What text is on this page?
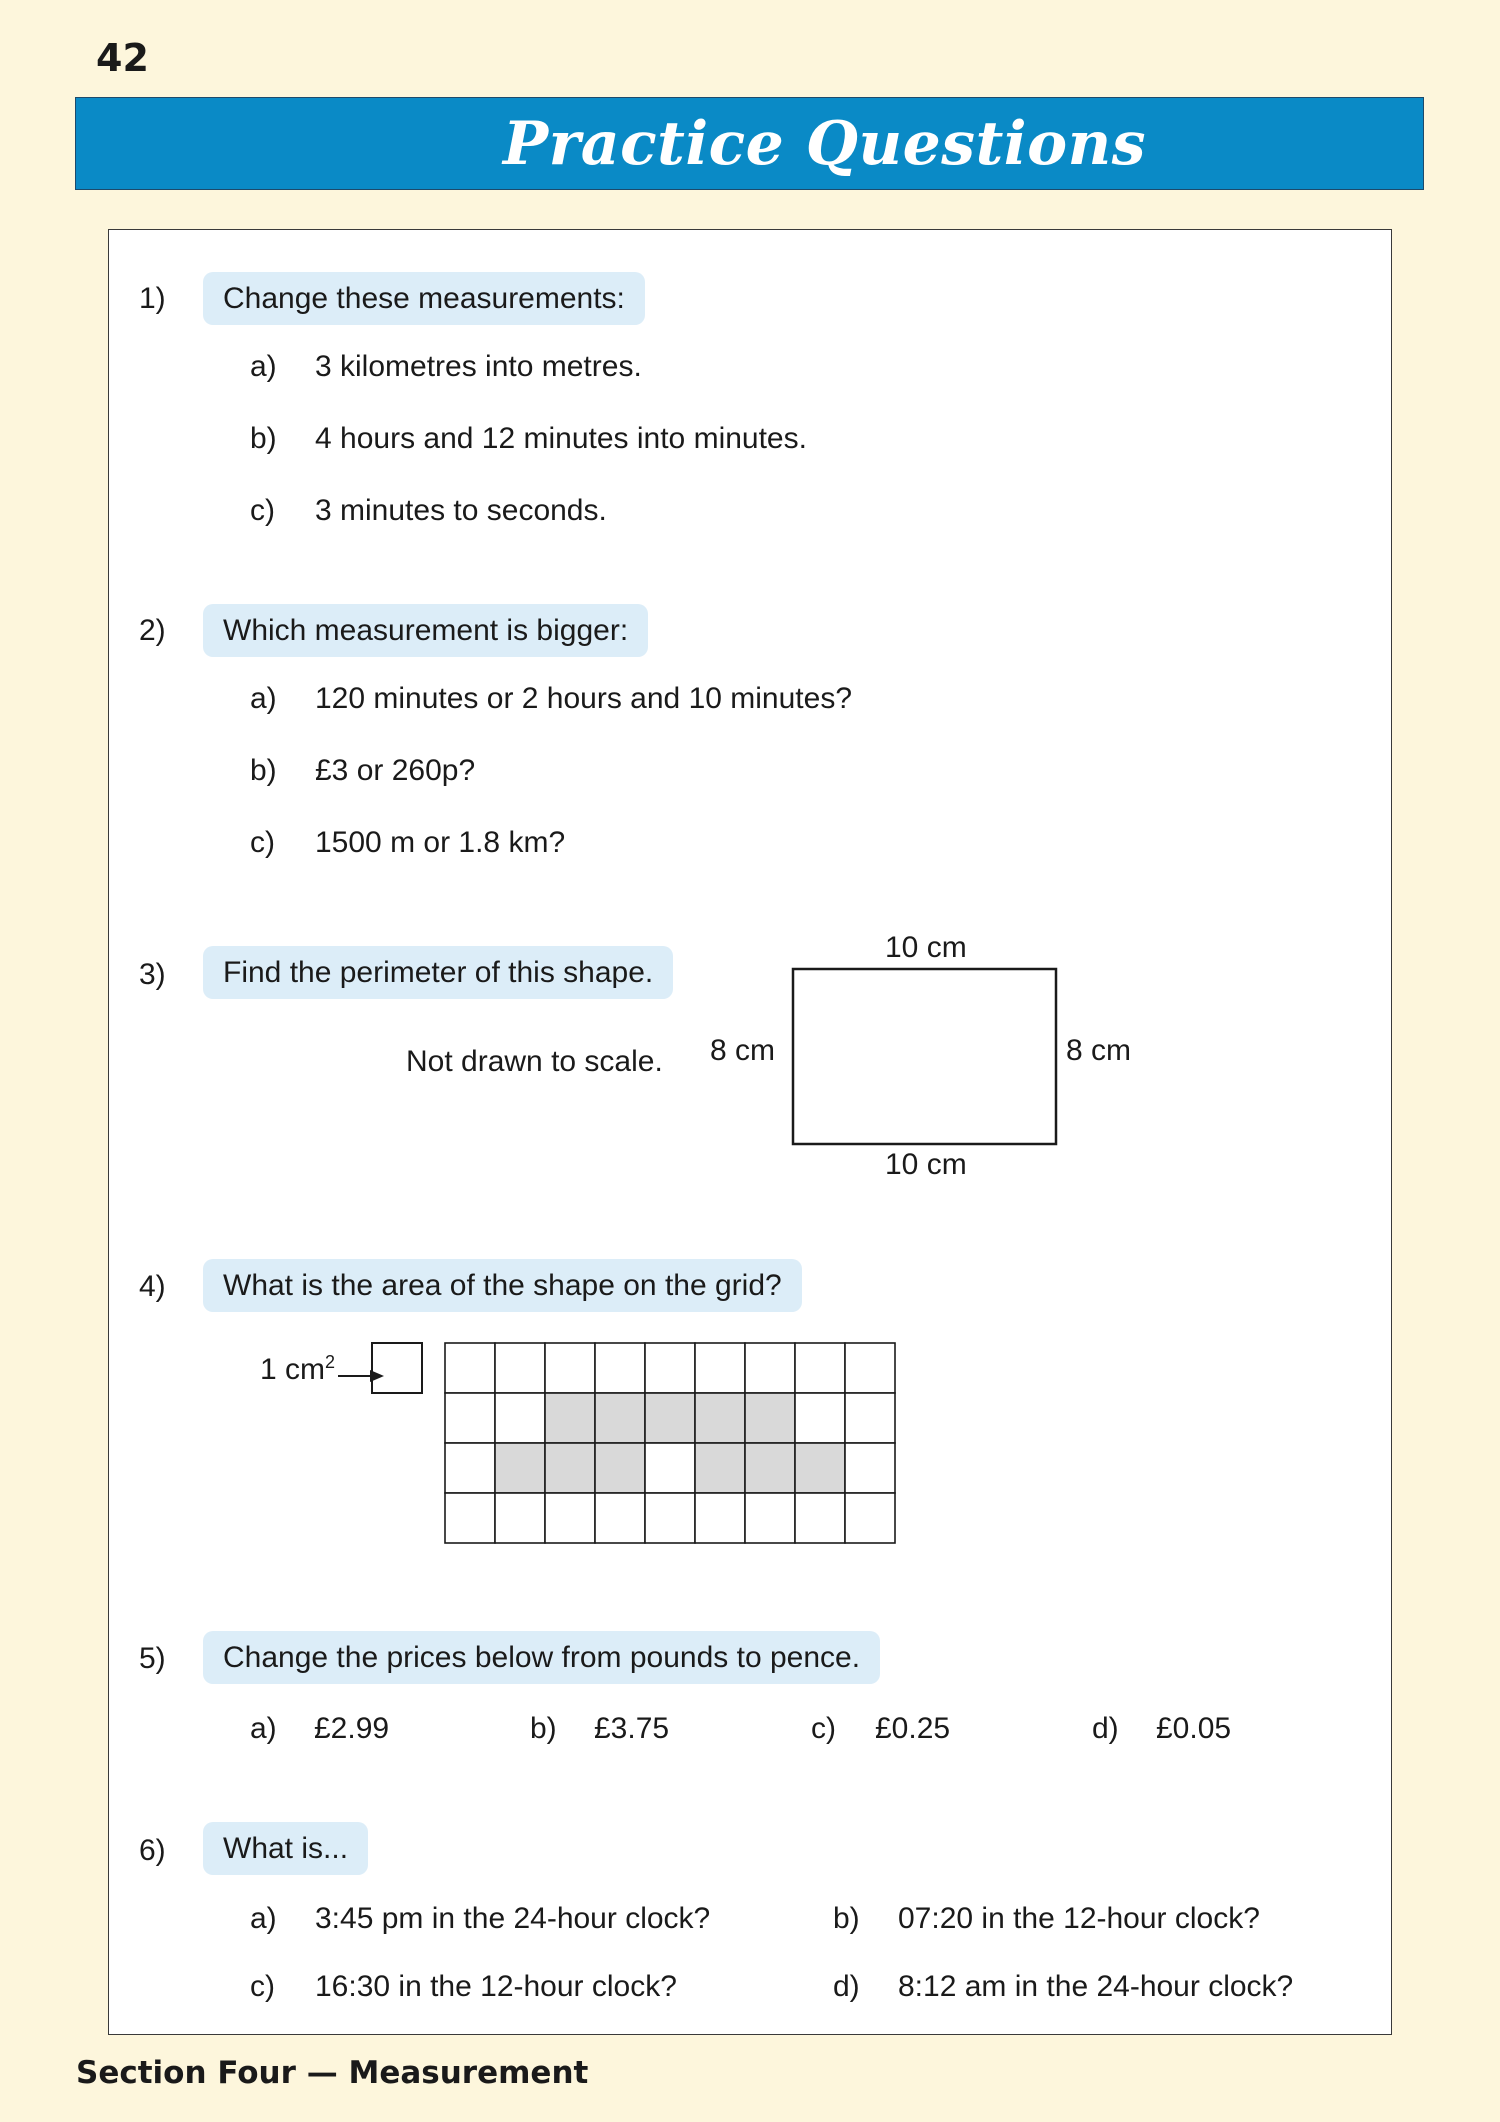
42
Practice Questions
1)	Change these measurements:
a) 3 kilometres into metres.
b) 4 hours and 12 minutes into minutes.
c) 3 minutes to seconds.
2)	Which measurement is bigger:
a) 120 minutes or 2 hours and 10 minutes?
b) £3 or 260p?
c) 1500 m or 1.8 km?
3)	Find the perimeter of this shape.
Not drawn to scale.
10 cm
10 cm
8 cm	8 cm
4)	What is the area of the shape on the grid?
1 $cm^2$
5)	Change the prices below from pounds to pence.
a) £2.99	b) £3.75	c) £0.25	d) £0.05
6)	What is...
a) 3:45 pm in the 24-hour clock?	b) 07:20 in the 12-hour clock?
c) 16:30 in the 12-hour clock?	d) 8:12 am in the 24-hour clock?
Section Four — Measurement
